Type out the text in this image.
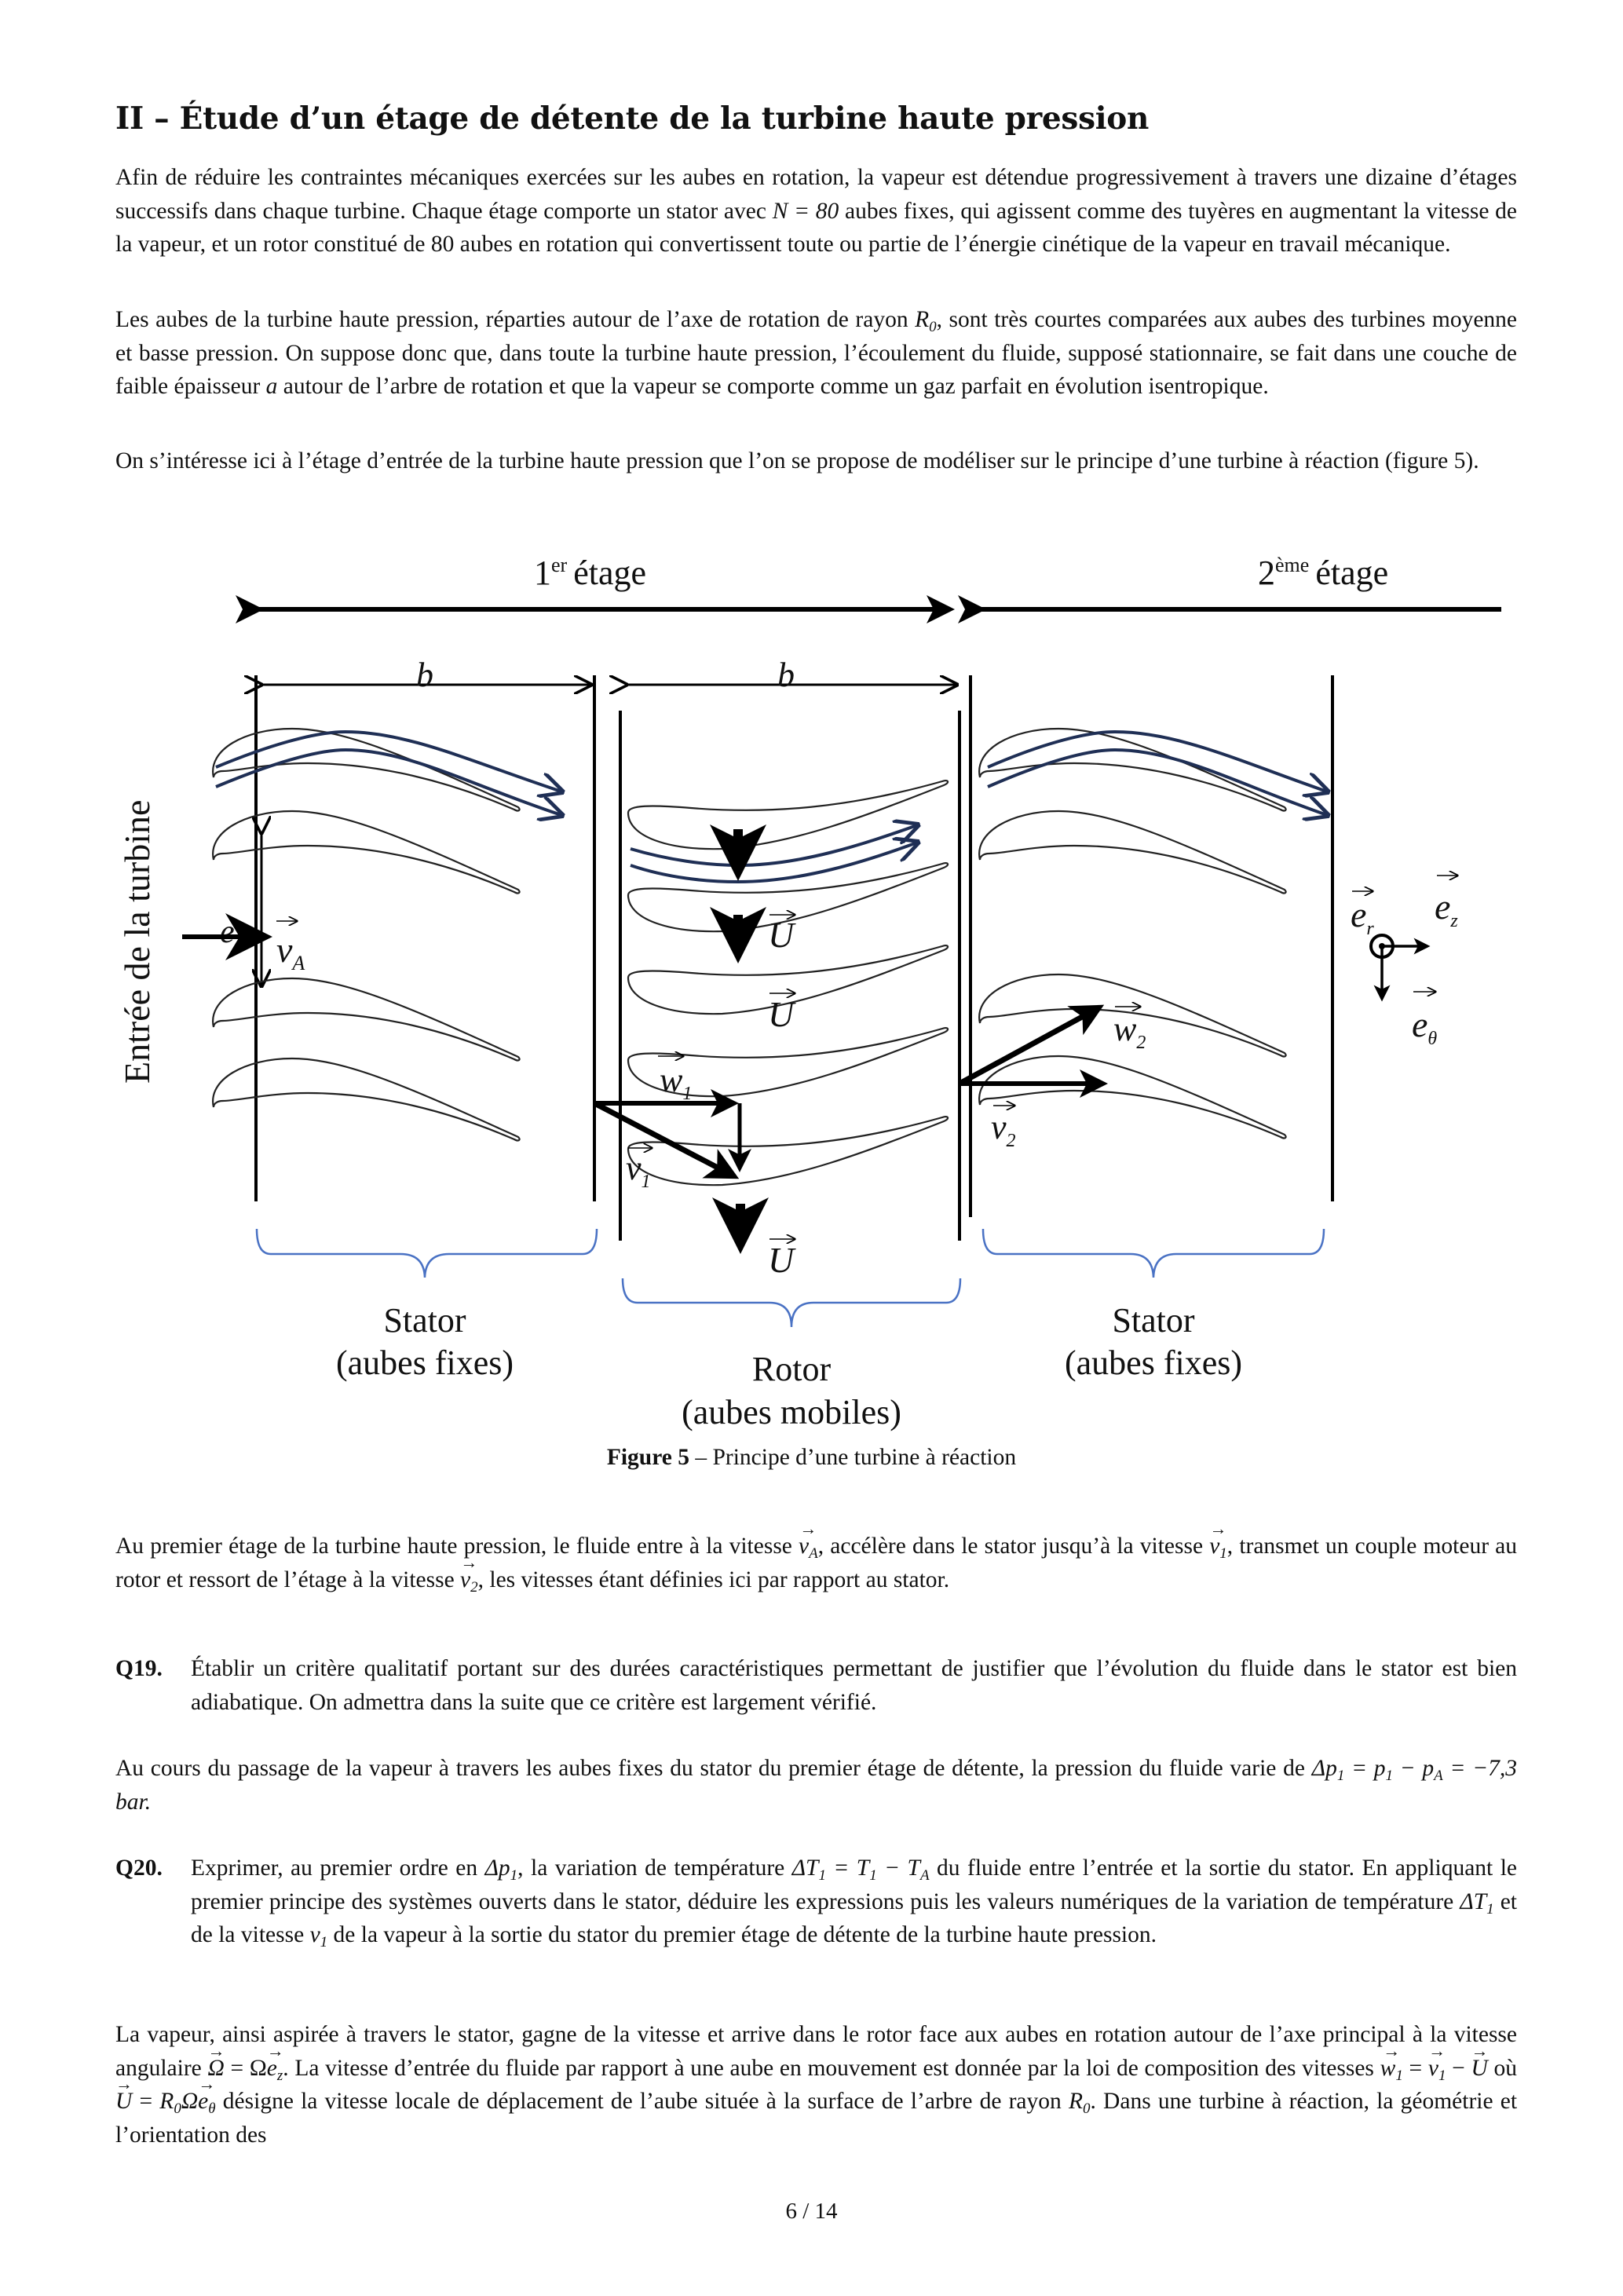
II – Étude d’un étage de détente de la turbine haute pression
Afin de réduire les contraintes mécaniques exercées sur les aubes en rotation, la vapeur est détendue progressivement à travers une dizaine d’étages successifs dans chaque turbine. Chaque étage comporte un stator avec N = 80 aubes fixes, qui agissent comme des tuyères en augmentant la vitesse de la vapeur, et un rotor constitué de 80 aubes en rotation qui convertissent toute ou partie de l’énergie cinétique de la vapeur en travail mécanique.
Les aubes de la turbine haute pression, réparties autour de l’axe de rotation de rayon $R_0$, sont très courtes comparées aux aubes des turbines moyenne et basse pression. On suppose donc que, dans toute la turbine haute pression, l’écoulement du fluide, supposé stationnaire, se fait dans une couche de faible épaisseur a autour de l’arbre de rotation et que la vapeur se comporte comme un gaz parfait en évolution isentropique.
On s’intéresse ici à l’étage d’entrée de la turbine haute pression que l’on se propose de modéliser sur le principe d’une turbine à réaction (figure 5).
1er étage	2ème étage
b	b
Entrée de la turbine e $v_A$
U
U
U
$w_1$
$v_1$
$w_2$
$v_2$
$e_r$
$e_z$
$e_\theta$
Stator
(aubes fixes)	Rotor
(aubes mobiles)
Stator
(aubes fixes)
Figure 5 – Principe d’une turbine à réaction
Au premier étage de la turbine haute pression, le fluide entre à la vitesse → $v_A$, accélère dans le stator jusqu’à la vitesse → $v_1$, transmet un couple moteur au rotor et ressort de l’étage à la vitesse → $v_2$, les vitesses étant définies ici par rapport au stator.
Q19. Établir un critère qualitatif portant sur des durées caractéristiques permettant de justifier que l’évolution du fluide dans le stator est bien adiabatique. On admettra dans la suite que ce critère est largement vérifié.
Au cours du passage de la vapeur à travers les aubes fixes du stator du premier étage de détente, la pression du fluide varie de $\Delta p_1 = p_1 - p_A = -7,3$ bar.
Q20. Exprimer, au premier ordre en $\Delta p_1$, la variation de température $\Delta T_1 = T_1 - T_A$ du fluide entre l’entrée et la sortie du stator. En appliquant le premier principe des systèmes ouverts dans le stator, déduire les expressions puis les valeurs numériques de la variation de température $\Delta T_1$ et de la vitesse $v_1$ de la vapeur à la sortie du stator du premier étage de détente de la turbine haute pression.
La vapeur, ainsi aspirée à travers le stator, gagne de la vitesse et arrive dans le rotor face aux aubes en rotation autour de l’axe principal à la vitesse angulaire → $\Omega = \Omega\to e_z$. La vitesse d’entrée du fluide par rapport à une aube en mouvement est donnée par la loi de composition des vitesses → $w_1$ = → $v_1$ − → U où → $U = R_0\Omega\to e_\theta$ désigne la vitesse locale de déplacement de l’aube située à la surface de l’arbre de rayon $R_0$. Dans une turbine à réaction, la géométrie et l’orientation des
6 / 14
